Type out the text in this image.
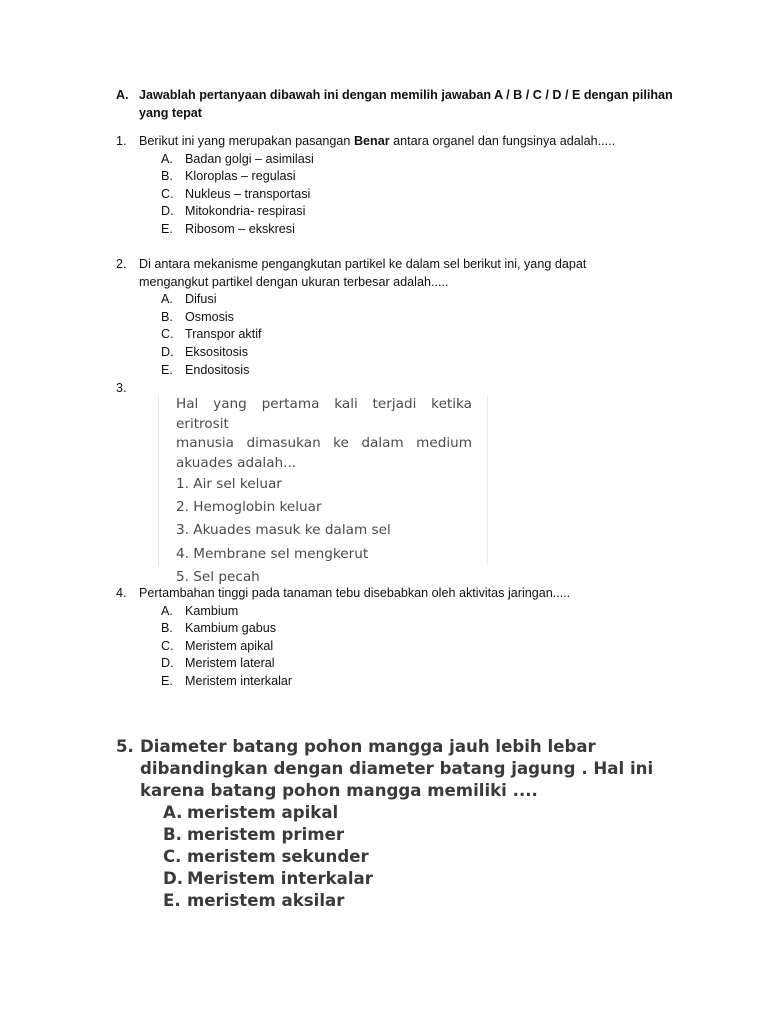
A. Jawablah pertanyaan dibawah ini dengan memilih jawaban A / B / C / D / E dengan pilihan
yang tepat
1. Berikut ini yang merupakan pasangan Benar antara organel dan fungsinya adalah.....
A. Badan golgi – asimilasi
B. Kloroplas – regulasi
C. Nukleus – transportasi
D. Mitokondria- respirasi
E. Ribosom – ekskresi
2. Di antara mekanisme pengangkutan partikel ke dalam sel berikut ini, yang dapat
mengangkut partikel dengan ukuran terbesar adalah.....
A. Difusi
B. Osmosis
C. Transpor aktif
D. Eksositosis
E. Endositosis
3.
Hal yang pertama kali terjadi ketika eritrosit
manusia dimasukan ke dalam medium
akuades adalah...
1. Air sel keluar
2. Hemoglobin keluar
3. Akuades masuk ke dalam sel
4. Membrane sel mengkerut
5. Sel pecah
4. Pertambahan tinggi pada tanaman tebu disebabkan oleh aktivitas jaringan.....
A. Kambium
B. Kambium gabus
C. Meristem apikal
D. Meristem lateral
E. Meristem interkalar
5. Diameter batang pohon mangga jauh lebih lebar
dibandingkan dengan diameter batang jagung . Hal ini
karena batang pohon mangga memiliki ....
A. meristem apikal
B. meristem primer
C. meristem sekunder
D. Meristem interkalar
E. meristem aksilar
